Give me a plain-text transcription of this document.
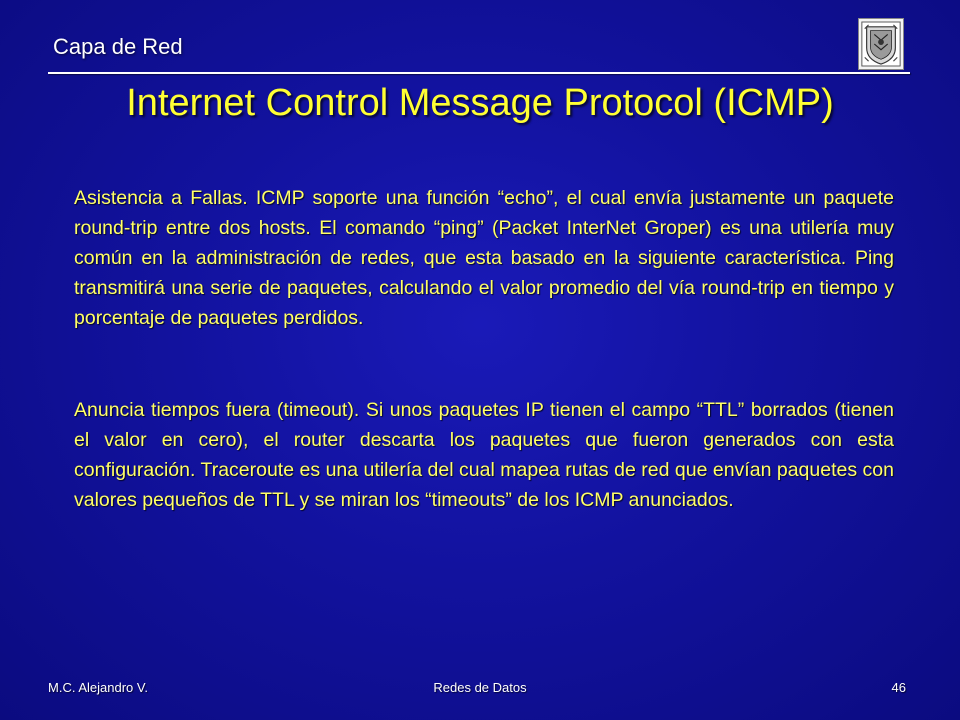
Capa de Red
Internet Control Message Protocol (ICMP)

Asistencia a Fallas. ICMP soporte una función “echo”, el cual envía justamente un paquete round-trip entre dos hosts. El comando “ping” (Packet InterNet Groper) es una utilería muy común en la administración de redes, que esta basado en la siguiente característica. Ping transmitirá una serie de paquetes, calculando el valor promedio del vía round-trip en tiempo y porcentaje de paquetes perdidos.

Anuncia tiempos fuera (timeout). Si unos paquetes IP tienen el campo “TTL” borrados (tienen el valor en cero), el router descarta los paquetes que fueron generados con esta configuración. Traceroute es una utilería del cual mapea rutas de red que envían paquetes con valores pequeños de TTL y se miran los “timeouts” de los ICMP anunciados.

M.C. Alejandro V.	Redes de Datos	46
